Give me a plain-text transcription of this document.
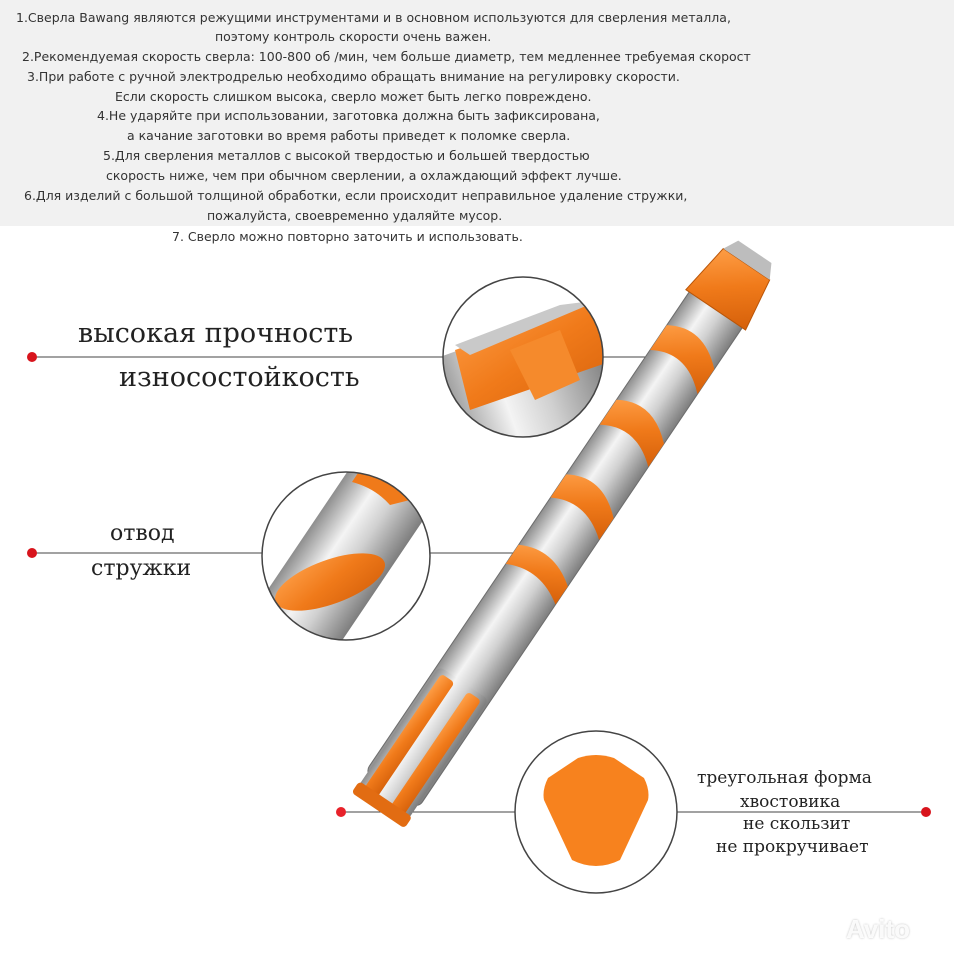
1.Сверла Bawang являются режущими инструментами и в основном используются для сверления металла,
поэтому контроль скорости очень важен.
2.Рекомендуемая скорость сверла: 100-800 об /мин, чем больше диаметр, тем медленнее требуемая скорост
3.При работе с ручной электродрелью необходимо обращать внимание на регулировку скорости.
Если скорость слишком высока, сверло может быть легко повреждено.
4.Не ударяйте при использовании, заготовка должна быть зафиксирована,
а качание заготовки во время работы приведет к поломке сверла.
5.Для сверления металлов с высокой твердостью и большей твердостью
скорость ниже, чем при обычном сверлении, а охлаждающий эффект лучше.
6.Для изделий с большой толщиной обработки, если происходит неправильное удаление стружки,
пожалуйста, своевременно удаляйте мусор.
7. Сверло можно повторно заточить и использовать.
высокая прочность
износостойкость
отвод
стружки
треугольная форма
хвостовика
не скользит
не прокручивает
Avito
